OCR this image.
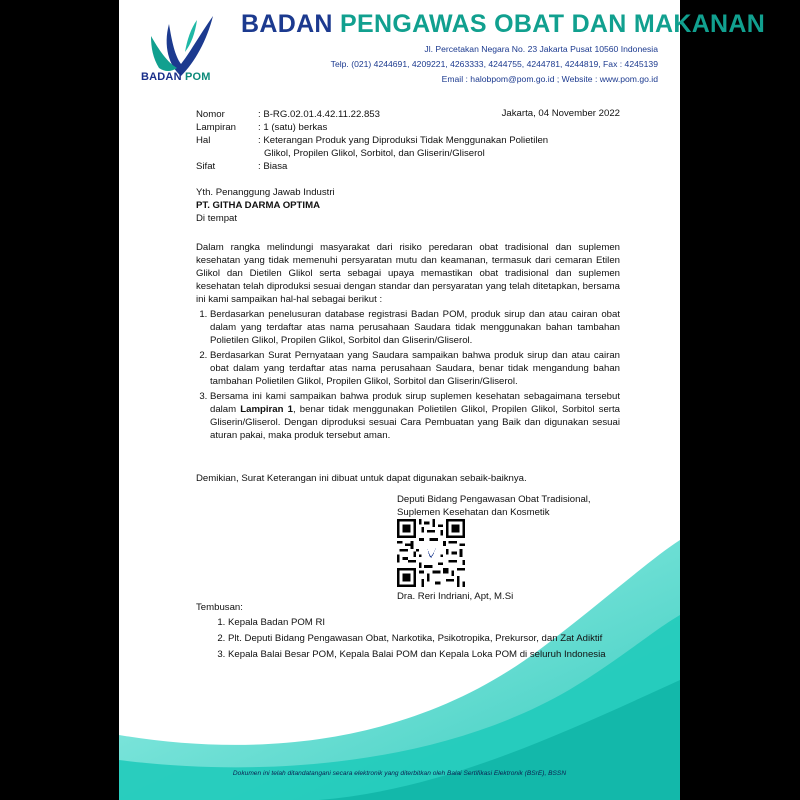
BADAN POM
BADAN PENGAWAS OBAT DAN MAKANAN
Jl. Percetakan Negara No. 23 Jakarta Pusat 10560 Indonesia
Telp. (021) 4244691, 4209221, 4263333, 4244755, 4244781, 4244819, Fax : 4245139
Email : halobpom@pom.go.id ; Website : www.pom.go.id
Jakarta, 04 November 2022
Nomor	: B-RG.02.01.4.42.11.22.853
Lampiran	: 1 (satu) berkas
Hal	: Keterangan Produk yang Diproduksi Tidak Menggunakan Polietilen
Glikol, Propilen Glikol, Sorbitol, dan Gliserin/Gliserol
Sifat	: Biasa
Yth. Penanggung Jawab Industri
PT. GITHA DARMA OPTIMA
Di tempat
Dalam rangka melindungi masyarakat dari risiko peredaran obat tradisional dan suplemen kesehatan yang tidak memenuhi persyaratan mutu dan keamanan, termasuk dari cemaran Etilen Glikol dan Dietilen Glikol serta sebagai upaya memastikan obat tradisional dan suplemen kesehatan telah diproduksi sesuai dengan standar dan persyaratan yang telah ditetapkan, bersama ini kami sampaikan hal-hal sebagai berikut :
1. Berdasarkan penelusuran database registrasi Badan POM, produk sirup dan atau cairan obat dalam yang terdaftar atas nama perusahaan Saudara tidak menggunakan bahan tambahan Polietilen Glikol, Propilen Glikol, Sorbitol dan Gliserin/Gliserol.
2. Berdasarkan Surat Pernyataan yang Saudara sampaikan bahwa produk sirup dan atau cairan obat dalam yang terdaftar atas nama perusahaan Saudara, benar tidak mengandung bahan tambahan Polietilen Glikol, Propilen Glikol, Sorbitol dan Gliserin/Gliserol.
3. Bersama ini kami sampaikan bahwa produk sirup suplemen kesehatan sebagaimana tersebut dalam Lampiran 1, benar tidak menggunakan Polietilen Glikol, Propilen Glikol, Sorbitol serta Gliserin/Gliserol. Dengan diproduksi sesuai Cara Pembuatan yang Baik dan digunakan sesuai aturan pakai, maka produk tersebut aman.
Demikian, Surat Keterangan ini dibuat untuk dapat digunakan sebaik-baiknya.
Deputi Bidang Pengawasan Obat Tradisional,
Suplemen Kesehatan dan Kosmetik
Dra. Reri Indriani, Apt, M.Si
Tembusan:
1. Kepala Badan POM RI
2. Plt. Deputi Bidang Pengawasan Obat, Narkotika, Psikotropika, Prekursor, dan Zat Adiktif
3. Kepala Balai Besar POM, Kepala Balai POM dan Kepala Loka POM di seluruh Indonesia
Dokumen ini telah ditandatangani secara elektronik yang diterbitkan oleh Balai Sertifikasi Elektronik (BSrE), BSSN
